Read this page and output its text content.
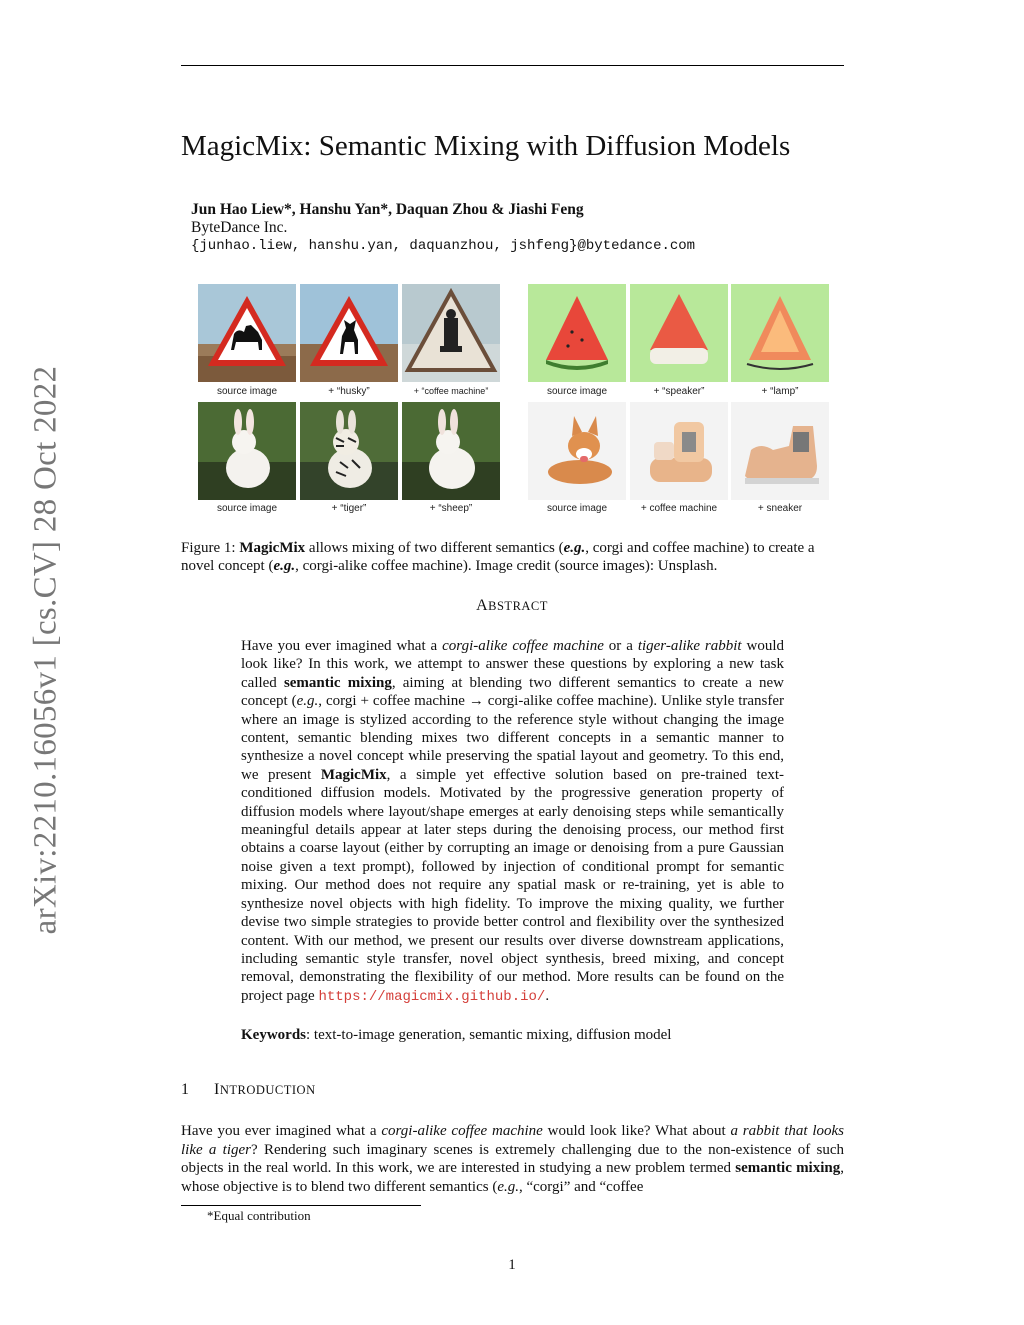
MagicMix: Semantic Mixing with Diffusion Models
Jun Hao Liew*, Hanshu Yan*, Daquan Zhou & Jiashi Feng
ByteDance Inc.
{junhao.liew, hanshu.yan, daquanzhou, jshfeng}@bytedance.com
arXiv:2210.16056v1 [cs.CV] 28 Oct 2022	source image	+ “husky”	+ “coffee machine”	source image	+ “speaker”	+ “lamp”
source image	+ “tiger”	+ “sheep”	source image	+ coffee machine	+ sneaker
Figure 1: MagicMix allows mixing of two different semantics (e.g., corgi and coffee machine) to create a novel concept (e.g., corgi-alike coffee machine). Image credit (source images): Unsplash.
ABSTRACT
Have you ever imagined what a corgi-alike coffee machine or a tiger-alike rabbit would look like? In this work, we attempt to answer these questions by exploring a new task called semantic mixing, aiming at blending two different semantics to create a new concept (e.g., corgi + coffee machine → corgi-alike coffee machine). Unlike style transfer where an image is stylized according to the reference style without changing the image content, semantic blending mixes two different concepts in a semantic manner to synthesize a novel concept while preserving the spatial layout and geometry. To this end, we present MagicMix, a simple yet effective solution based on pre-trained text-conditioned diffusion models. Motivated by the progressive generation property of diffusion models where layout/shape emerges at early denoising steps while semantically meaningful details appear at later steps during the denoising process, our method first obtains a coarse layout (either by corrupting an image or denoising from a pure Gaussian noise given a text prompt), followed by injection of conditional prompt for semantic mixing. Our method does not require any spatial mask or re-training, yet is able to synthesize novel objects with high fidelity. To improve the mixing quality, we further devise two simple strategies to provide better control and flexibility over the synthesized content. With our method, we present our results over diverse downstream applications, including semantic style transfer, novel object synthesis, breed mixing, and concept removal, demonstrating the flexibility of our method. More results can be found on the project page https://magicmix.github.io/.
Keywords: text-to-image generation, semantic mixing, diffusion model
1 INTRODUCTION
Have you ever imagined what a corgi-alike coffee machine would look like? What about a rabbit that looks like a tiger? Rendering such imaginary scenes is extremely challenging due to the non-existence of such objects in the real world. In this work, we are interested in studying a new problem termed semantic mixing, whose objective is to blend two different semantics (e.g., “corgi” and “coffee
*Equal contribution
1
